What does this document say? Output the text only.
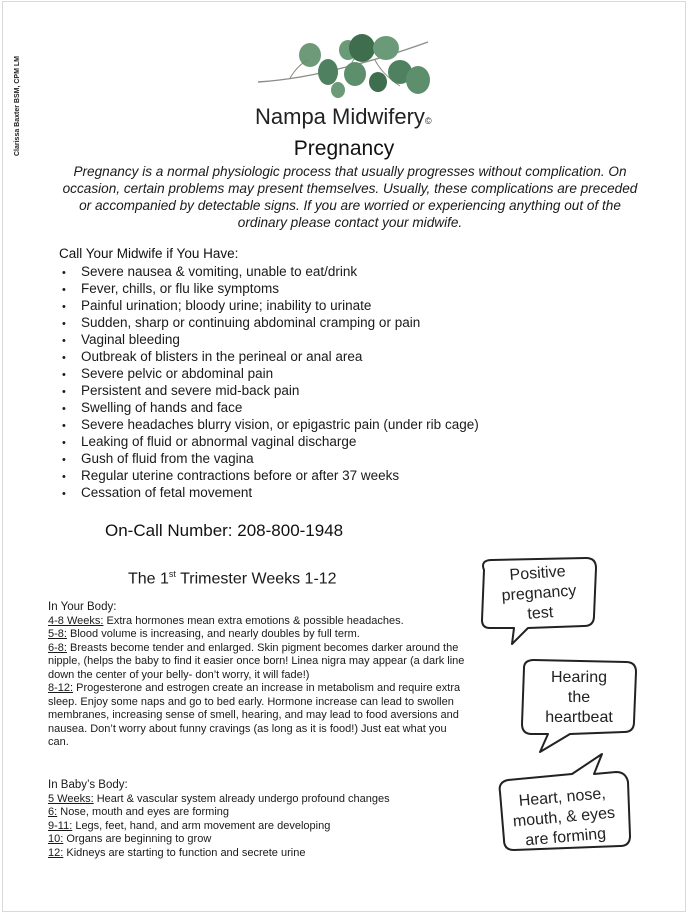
Clarissa Baxter BSM, CPM LM	Nampa Midwifery©
Pregnancy
Pregnancy is a normal physiologic process that usually progresses without complication. On occasion, certain problems may present themselves. Usually, these complications are preceded or accompanied by detectable signs. If you are worried or experiencing anything out of the ordinary please contact your midwife.
Call Your Midwife if You Have:
• Severe nausea & vomiting, unable to eat/drink
• Fever, chills, or flu like symptoms
• Painful urination; bloody urine; inability to urinate
• Sudden, sharp or continuing abdominal cramping or pain
• Vaginal bleeding
• Outbreak of blisters in the perineal or anal area
• Severe pelvic or abdominal pain
• Persistent and severe mid-back pain
• Swelling of hands and face
• Severe headaches blurry vision, or epigastric pain (under rib cage)
• Leaking of fluid or abnormal vaginal discharge
• Gush of fluid from the vagina
• Regular uterine contractions before or after 37 weeks
• Cessation of fetal movement
On-Call Number: 208-800-1948
The 1st Trimester Weeks 1-12
In Your Body:
4-8 Weeks: Extra hormones mean extra emotions & possible headaches.
5-8: Blood volume is increasing, and nearly doubles by full term.
6-8: Breasts become tender and enlarged. Skin pigment becomes darker around the nipple, (helps the baby to find it easier once born! Linea nigra may appear (a dark line down the center of your belly- don’t worry, it will fade!)
8-12: Progesterone and estrogen create an increase in metabolism and require extra sleep. Enjoy some naps and go to bed early. Hormone increase can lead to swollen membranes, increasing sense of smell, hearing, and may lead to food aversions and nausea. Don’t worry about funny cravings (as long as it is food!) Just eat what you can.
In Baby’s Body:
5 Weeks: Heart & vascular system already undergo profound changes
6: Nose, mouth and eyes are forming
9-11: Legs, feet, hand, and arm movement are developing
10: Organs are beginning to grow
12: Kidneys are starting to function and secrete urine
Positive
pregnancy
test
Hearing
the
heartbeat
Heart, nose,
mouth, & eyes
are forming
